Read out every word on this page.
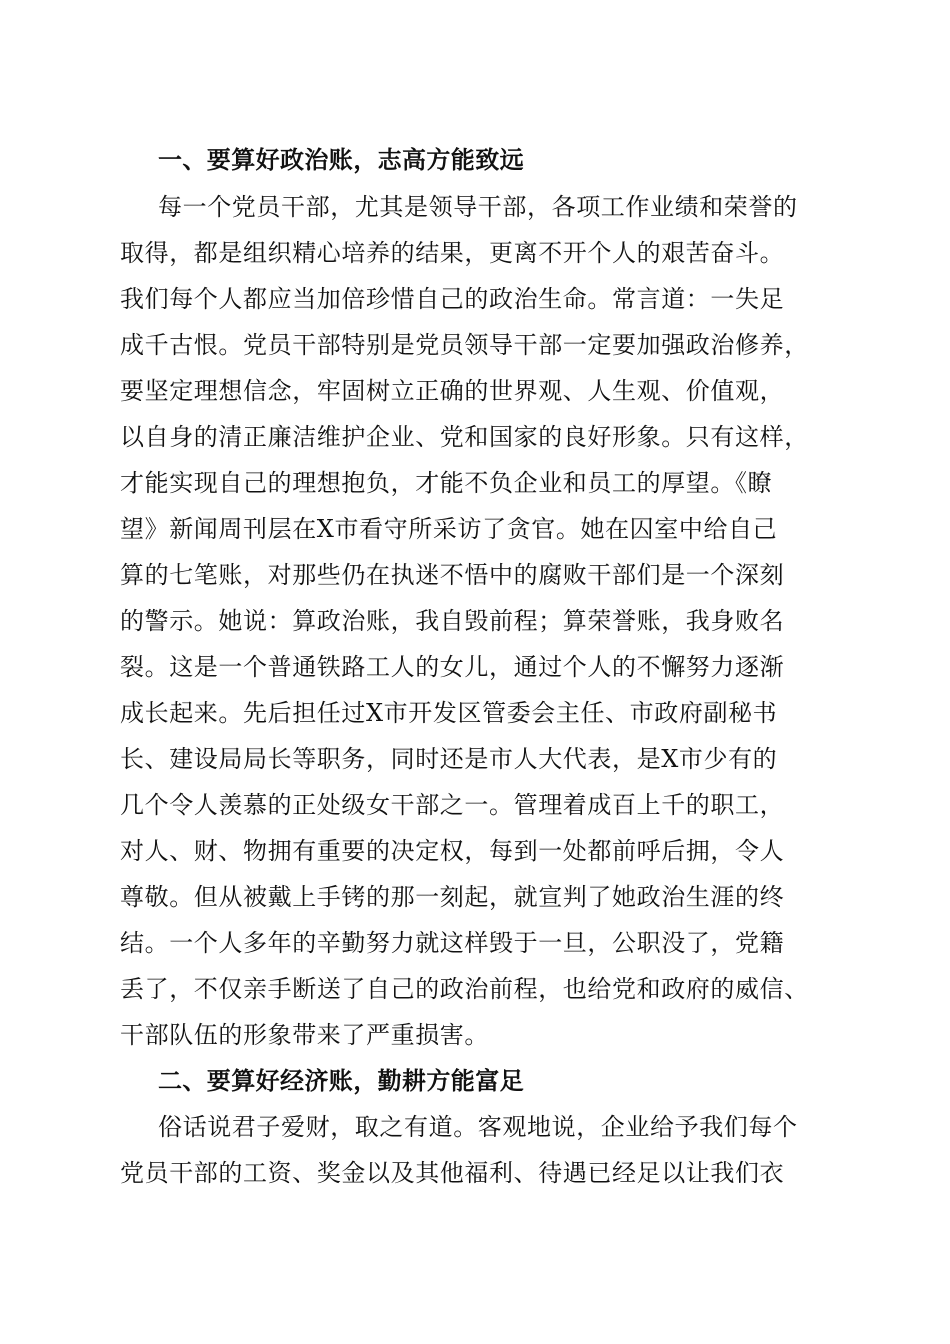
一、要算好政治账，志高方能致远
每一个党员干部，尤其是领导干部，各项工作业绩和荣誉的
取得，都是组织精心培养的结果，更离不开个人的艰苦奋斗。
我们每个人都应当加倍珍惜自己的政治生命。常言道：一失足
成千古恨。党员干部特别是党员领导干部一定要加强政治修养，
要坚定理想信念，牢固树立正确的世界观、人生观、价值观，
以自身的清正廉洁维护企业、党和国家的良好形象。只有这样，
才能实现自己的理想抱负，才能不负企业和员工的厚望。《瞭
望》新闻周刊层在X市看守所采访了贪官。她在囚室中给自己
算的七笔账，对那些仍在执迷不悟中的腐败干部们是一个深刻
的警示。她说：算政治账，我自毁前程；算荣誉账，我身败名
裂。这是一个普通铁路工人的女儿，通过个人的不懈努力逐渐
成长起来。先后担任过X市开发区管委会主任、市政府副秘书
长、建设局局长等职务，同时还是市人大代表，是X市少有的
几个令人羡慕的正处级女干部之一。管理着成百上千的职工，
对人、财、物拥有重要的决定权，每到一处都前呼后拥，令人
尊敬。但从被戴上手铐的那一刻起，就宣判了她政治生涯的终
结。一个人多年的辛勤努力就这样毁于一旦，公职没了，党籍
丢了，不仅亲手断送了自己的政治前程，也给党和政府的威信、
干部队伍的形象带来了严重损害。
二、要算好经济账，勤耕方能富足
俗话说君子爱财，取之有道。客观地说，企业给予我们每个
党员干部的工资、奖金以及其他福利、待遇已经足以让我们衣
